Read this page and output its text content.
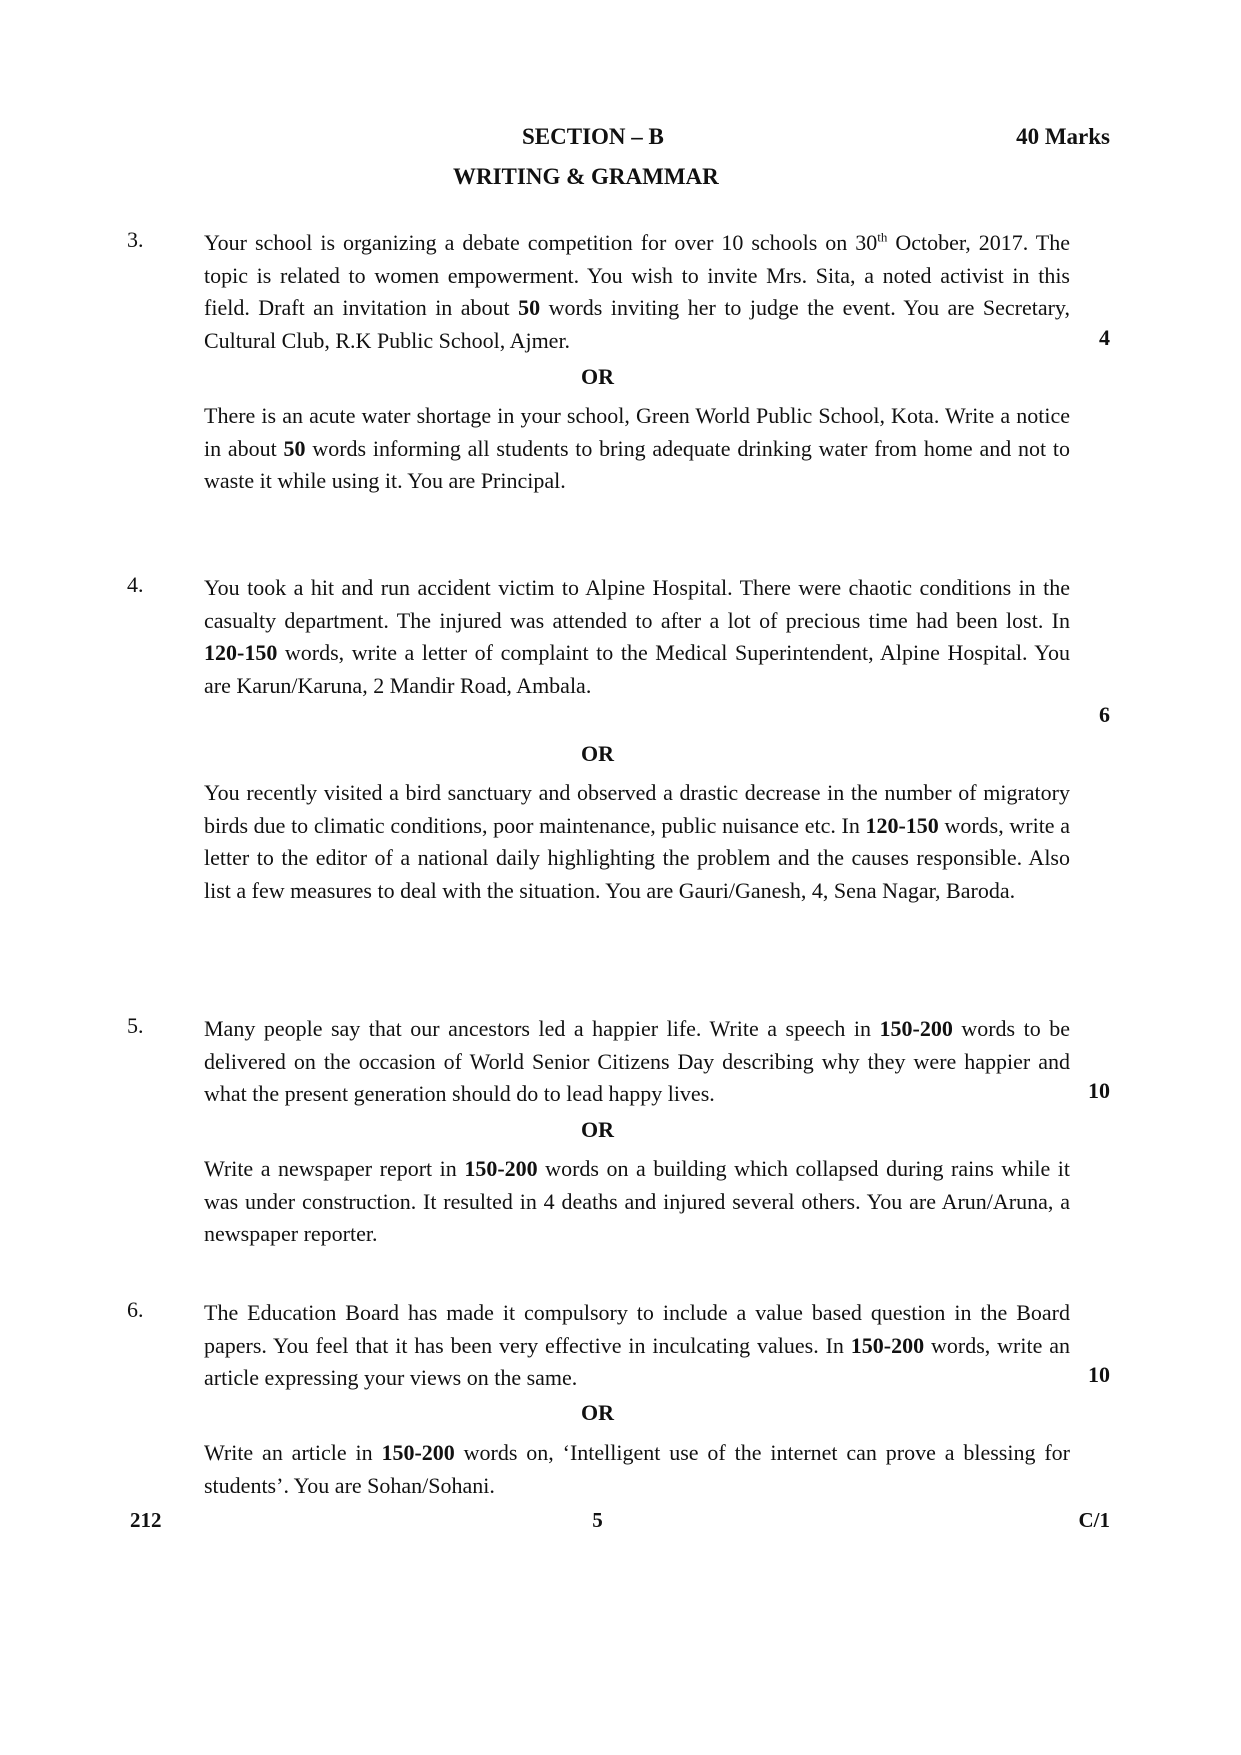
SECTION – B	40 Marks
WRITING & GRAMMAR
3.	Your school is organizing a debate competition for over 10 schools on 30th October, 2017. The topic is related to women empowerment. You wish to invite Mrs. Sita, a noted activist in this field. Draft an invitation in about 50 words inviting her to judge the event. You are Secretary, Cultural Club, R.K Public School, Ajmer.	4
OR

There is an acute water shortage in your school, Green World Public School, Kota. Write a notice in about 50 words informing all students to bring adequate drinking water from home and not to waste it while using it. You are Principal.

4.	You took a hit and run accident victim to Alpine Hospital. There were chaotic conditions in the casualty department. The injured was attended to after a lot of precious time had been lost. In 120-150 words, write a letter of complaint to the Medical Superintendent, Alpine Hospital. You are Karun/Karuna, 2 Mandir Road, Ambala.

6
OR

You recently visited a bird sanctuary and observed a drastic decrease in the number of migratory birds due to climatic conditions, poor maintenance, public nuisance etc. In 120-150 words, write a letter to the editor of a national daily highlighting the problem and the causes responsible. Also list a few measures to deal with the situation. You are Gauri/Ganesh, 4, Sena Nagar, Baroda.

5.	Many people say that our ancestors led a happier life. Write a speech in 150-200 words to be delivered on the occasion of World Senior Citizens Day describing why they were happier and what the present generation should do to lead happy lives.	10
OR

Write a newspaper report in 150-200 words on a building which collapsed during rains while it was under construction. It resulted in 4 deaths and injured several others. You are Arun/Aruna, a newspaper reporter.

6.	The Education Board has made it compulsory to include a value based question in the Board papers. You feel that it has been very effective in inculcating values. In 150-200 words, write an article expressing your views on the same.	10
OR

Write an article in 150-200 words on, ‘Intelligent use of the internet can prove a blessing for students’. You are Sohan/Sohani.

212	5	C/1
